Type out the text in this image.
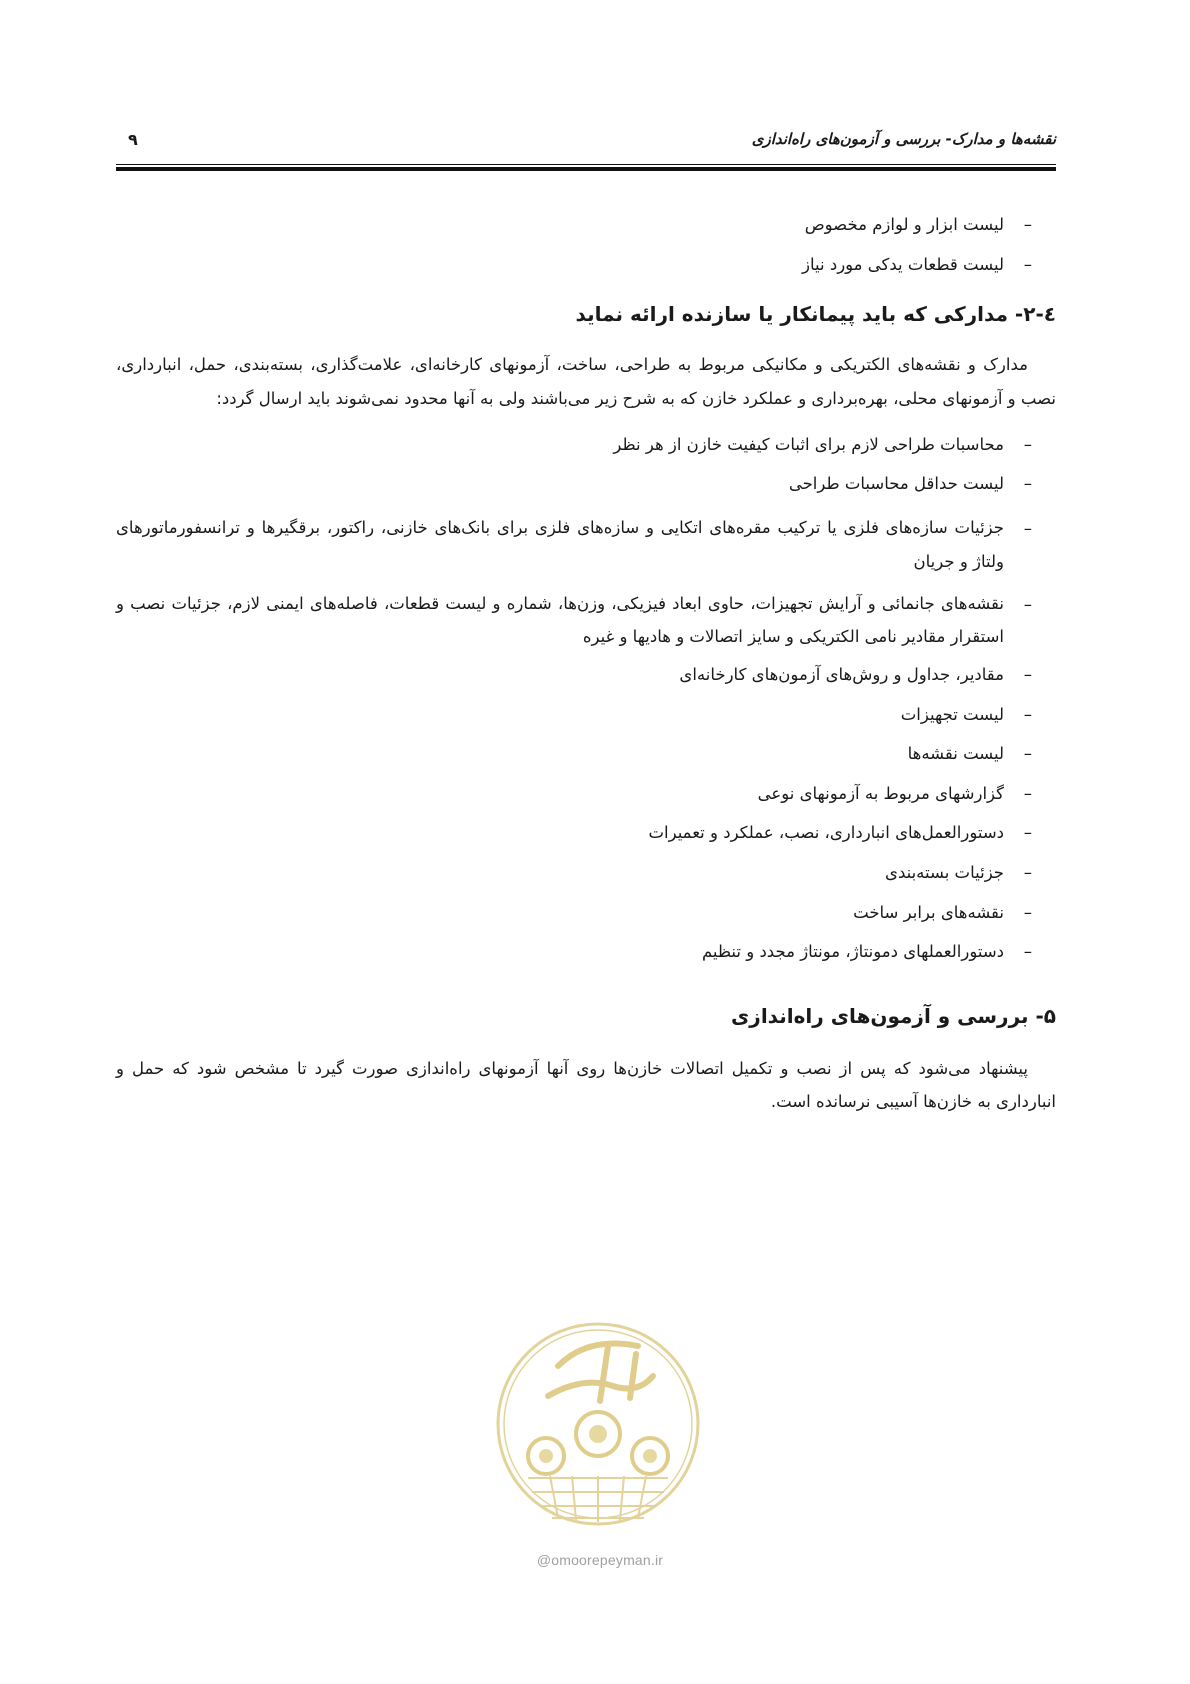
نقشه‌ها و مدارک- بررسی و آزمون‌های راه‌اندازی
۹
–
لیست ابزار و لوازم مخصوص
–
لیست قطعات یدکی مورد نیاز
٤-٢- مدارکی که باید پیمانکار یا سازنده ارائه نماید

مدارک و نقشه‌های الکتریکی و مکانیکی مربوط به طراحی، ساخت، آزمونهای کارخانه‌ای، علامت‌گذاری، بسته‌بندی، حمل، انبارداری، نصب و آزمونهای محلی، بهره‌برداری و عملکرد خازن که به شرح زیر می‌باشند ولی به آنها محدود نمی‌شوند باید ارسال گردد:

–
محاسبات طراحی لازم برای اثبات کیفیت خازن از هر نظر
–
لیست حداقل محاسبات طراحی
–
جزئیات سازه‌های فلزی یا ترکیب مقره‌های اتکایی و سازه‌های فلزی برای بانک‌های خازنی، راکتور، برقگیرها و ترانسفورماتورهای ولتاژ و جریان
–
نقشه‌های جانمائی و آرایش تجهیزات، حاوی ابعاد فیزیکی، وزن‌ها، شماره و لیست قطعات، فاصله‌های ایمنی لازم، جزئیات نصب و استقرار مقادیر نامی الکتریکی و سایز اتصالات و هادیها و غیره
–
مقادیر، جداول و روش‌های آزمون‌های کارخانه‌ای
–
لیست تجهیزات
–
لیست نقشه‌ها
–
گزارشهای مربوط به آزمونهای نوعی
–
دستورالعمل‌های انبارداری، نصب، عملکرد و تعمیرات
–
جزئیات بسته‌بندی
–
نقشه‌های برابر ساخت
–
دستورالعملهای دمونتاژ، مونتاژ مجدد و تنظیم
۵- بررسی و آزمون‌های راه‌اندازی

پیشنهاد می‌شود که پس از نصب و تکمیل اتصالات خازن‌ها روی آنها آزمونهای راه‌اندازی صورت گیرد تا مشخص شود که حمل و انبارداری به خازن‌ها آسیبی نرسانده است.

@omoorepeyman.ir
